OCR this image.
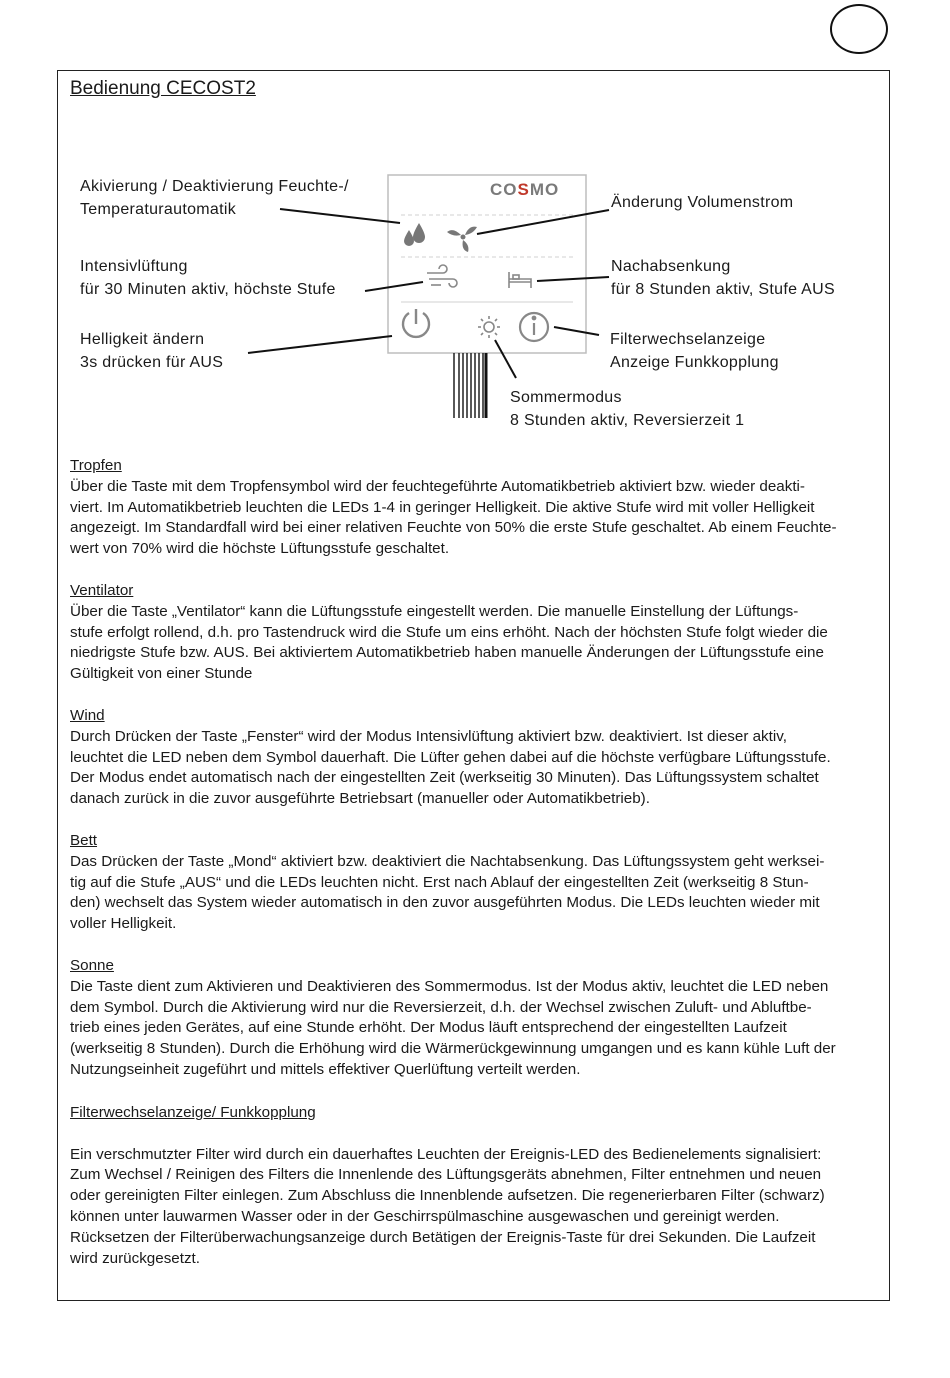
Bedienung CECOST2
COSMO
Akivierung / Deaktivierung Feuchte-/
Temperaturautomatik	Änderung Volumenstrom
Intensivlüftung
für 30 Minuten aktiv, höchste Stufe
Nachabsenkung
für 8 Stunden aktiv, Stufe AUS
Helligkeit ändern
3s drücken für AUS
Filterwechselanzeige
Anzeige Funkkopplung
Sommermodus
8 Stunden aktiv, Reversierzeit 1
Tropfen
Über die Taste mit dem Tropfensymbol wird der feuchtegeführte Automatikbetrieb aktiviert bzw. wieder deakti-
viert. Im Automatikbetrieb leuchten die LEDs 1-4 in geringer Helligkeit. Die aktive Stufe wird mit voller Helligkeit
angezeigt. Im Standardfall wird bei einer relativen Feuchte von 50% die erste Stufe geschaltet. Ab einem Feuchte-
wert von 70% wird die höchste Lüftungsstufe geschaltet.
Ventilator
Über die Taste „Ventilator“ kann die Lüftungsstufe eingestellt werden. Die manuelle Einstellung der Lüftungs-
stufe erfolgt rollend, d.h. pro Tastendruck wird die Stufe um eins erhöht. Nach der höchsten Stufe folgt wieder die
niedrigste Stufe bzw. AUS. Bei aktiviertem Automatikbetrieb haben manuelle Änderungen der Lüftungsstufe eine
Gültigkeit von einer Stunde
Wind
Durch Drücken der Taste „Fenster“ wird der Modus Intensivlüftung aktiviert bzw. deaktiviert. Ist dieser aktiv,
leuchtet die LED neben dem Symbol dauerhaft. Die Lüfter gehen dabei auf die höchste verfügbare Lüftungsstufe.
Der Modus endet automatisch nach der eingestellten Zeit (werkseitig 30 Minuten). Das Lüftungssystem schaltet
danach zurück in die zuvor ausgeführte Betriebsart (manueller oder Automatikbetrieb).
Bett
Das Drücken der Taste „Mond“ aktiviert bzw. deaktiviert die Nachtabsenkung. Das Lüftungssystem geht werksei-
tig auf die Stufe „AUS“ und die LEDs leuchten nicht. Erst nach Ablauf der eingestellten Zeit (werkseitig 8 Stun-
den) wechselt das System wieder automatisch in den zuvor ausgeführten Modus. Die LEDs leuchten wieder mit
voller Helligkeit.
Sonne
Die Taste dient zum Aktivieren und Deaktivieren des Sommermodus. Ist der Modus aktiv, leuchtet die LED neben
dem Symbol. Durch die Aktivierung wird nur die Reversierzeit, d.h. der Wechsel zwischen Zuluft- und Abluftbe-
trieb eines jeden Gerätes, auf eine Stunde erhöht. Der Modus läuft entsprechend der eingestellten Laufzeit
(werkseitig 8 Stunden). Durch die Erhöhung wird die Wärmerückgewinnung umgangen und es kann kühle Luft der
Nutzungseinheit zugeführt und mittels effektiver Querlüftung verteilt werden.
Filterwechselanzeige/ Funkkopplung
Ein verschmutzter Filter wird durch ein dauerhaftes Leuchten der Ereignis-LED des Bedienelements signalisiert:
Zum Wechsel / Reinigen des Filters die Innenlende des Lüftungsgeräts abnehmen, Filter entnehmen und neuen
oder gereinigten Filter einlegen. Zum Abschluss die Innenblende aufsetzen. Die regenerierbaren Filter (schwarz)
können unter lauwarmen Wasser oder in der Geschirrspülmaschine ausgewaschen und gereinigt werden.
Rücksetzen der Filterüberwachungsanzeige durch Betätigen der Ereignis-Taste für drei Sekunden. Die Laufzeit
wird zurückgesetzt.
